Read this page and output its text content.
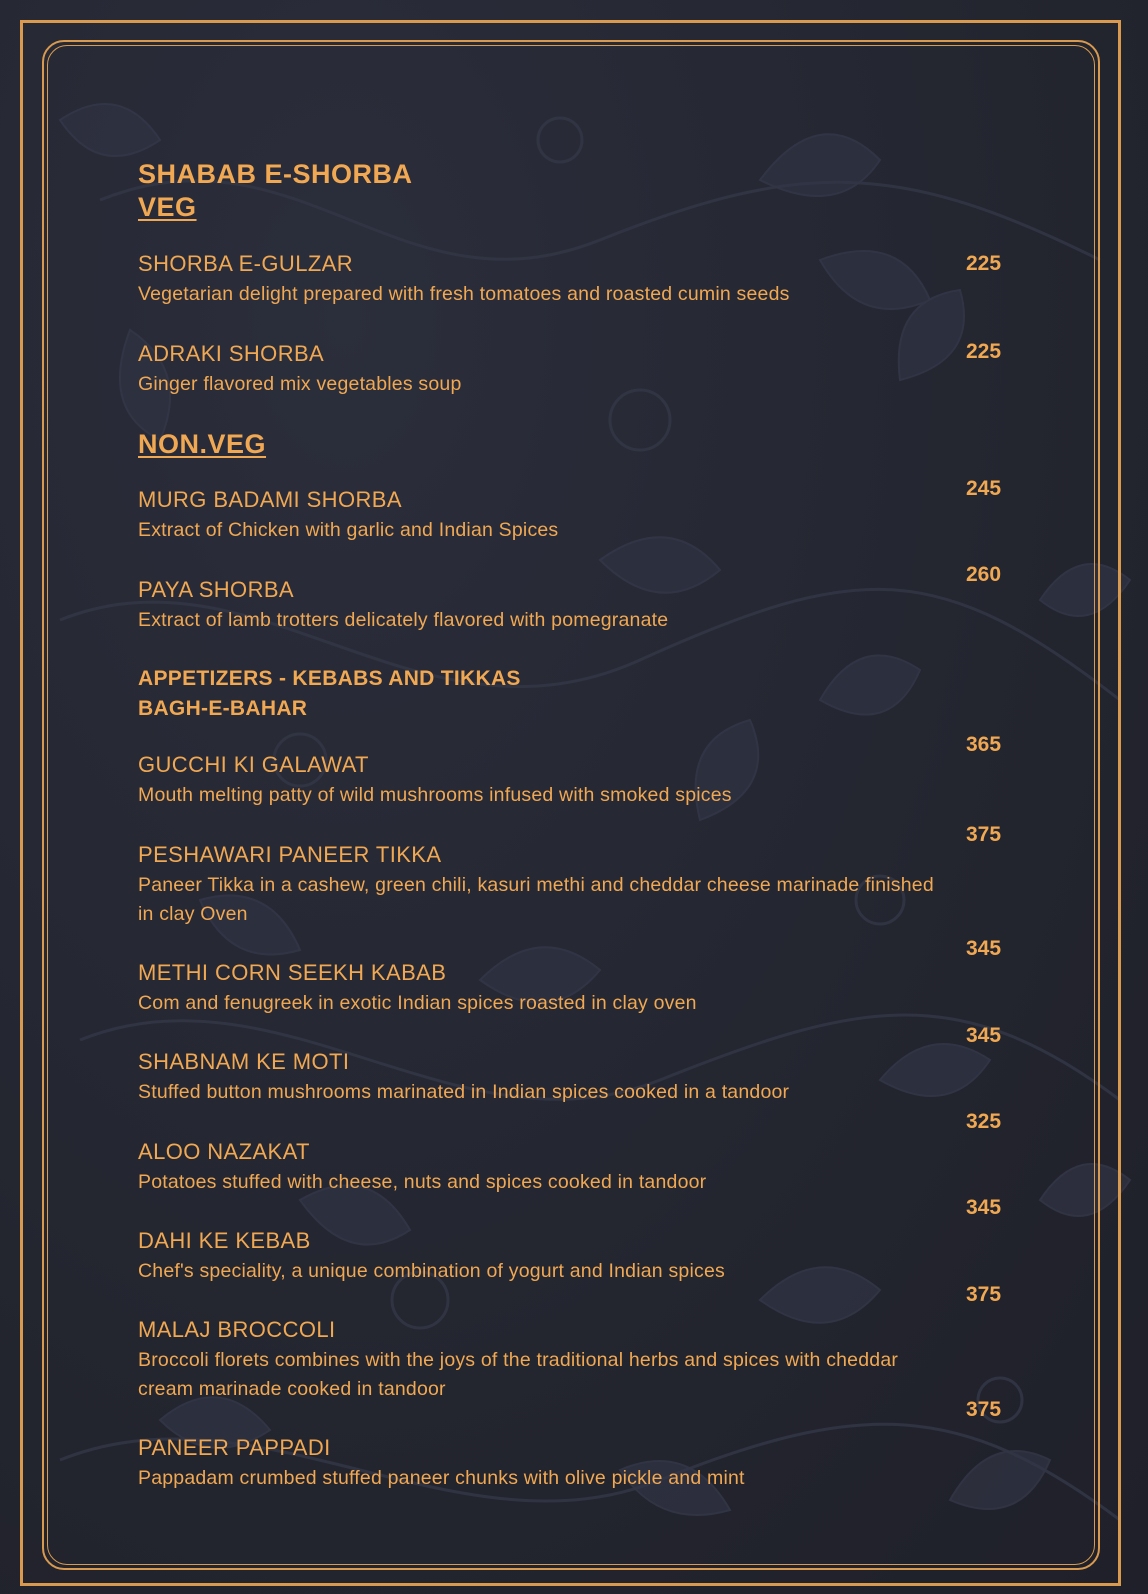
SHABAB E-SHORBA
VEG
SHORBA E-GULZAR
Vegetarian delight prepared with fresh tomatoes and roasted cumin seeds
225
ADRAKI SHORBA
Ginger flavored mix vegetables soup
225
NON.VEG
MURG BADAMI SHORBA
Extract of Chicken with garlic and Indian Spices
245
PAYA SHORBA
Extract of lamb trotters delicately flavored with pomegranate
260
APPETIZERS - KEBABS AND TIKKAS
BAGH-E-BAHAR
GUCCHI KI GALAWAT
Mouth melting patty of wild mushrooms infused with smoked spices
365
PESHAWARI PANEER TIKKA
Paneer Tikka in a cashew, green chili, kasuri methi and cheddar cheese marinade finished in clay Oven
375
METHI CORN SEEKH KABAB
Com and fenugreek in exotic Indian spices roasted in clay oven
345
SHABNAM KE MOTI
Stuffed button mushrooms marinated in Indian spices cooked in a tandoor
345
ALOO NAZAKAT
Potatoes stuffed with cheese, nuts and spices cooked in tandoor
325
DAHI KE KEBAB
Chef's speciality, a unique combination of yogurt and Indian spices
345
MALAJ BROCCOLI
Broccoli florets combines with the joys of the traditional herbs and spices with cheddar cream marinade cooked in tandoor
375
PANEER PAPPADI
Pappadam crumbed stuffed paneer chunks with olive pickle and mint
375
